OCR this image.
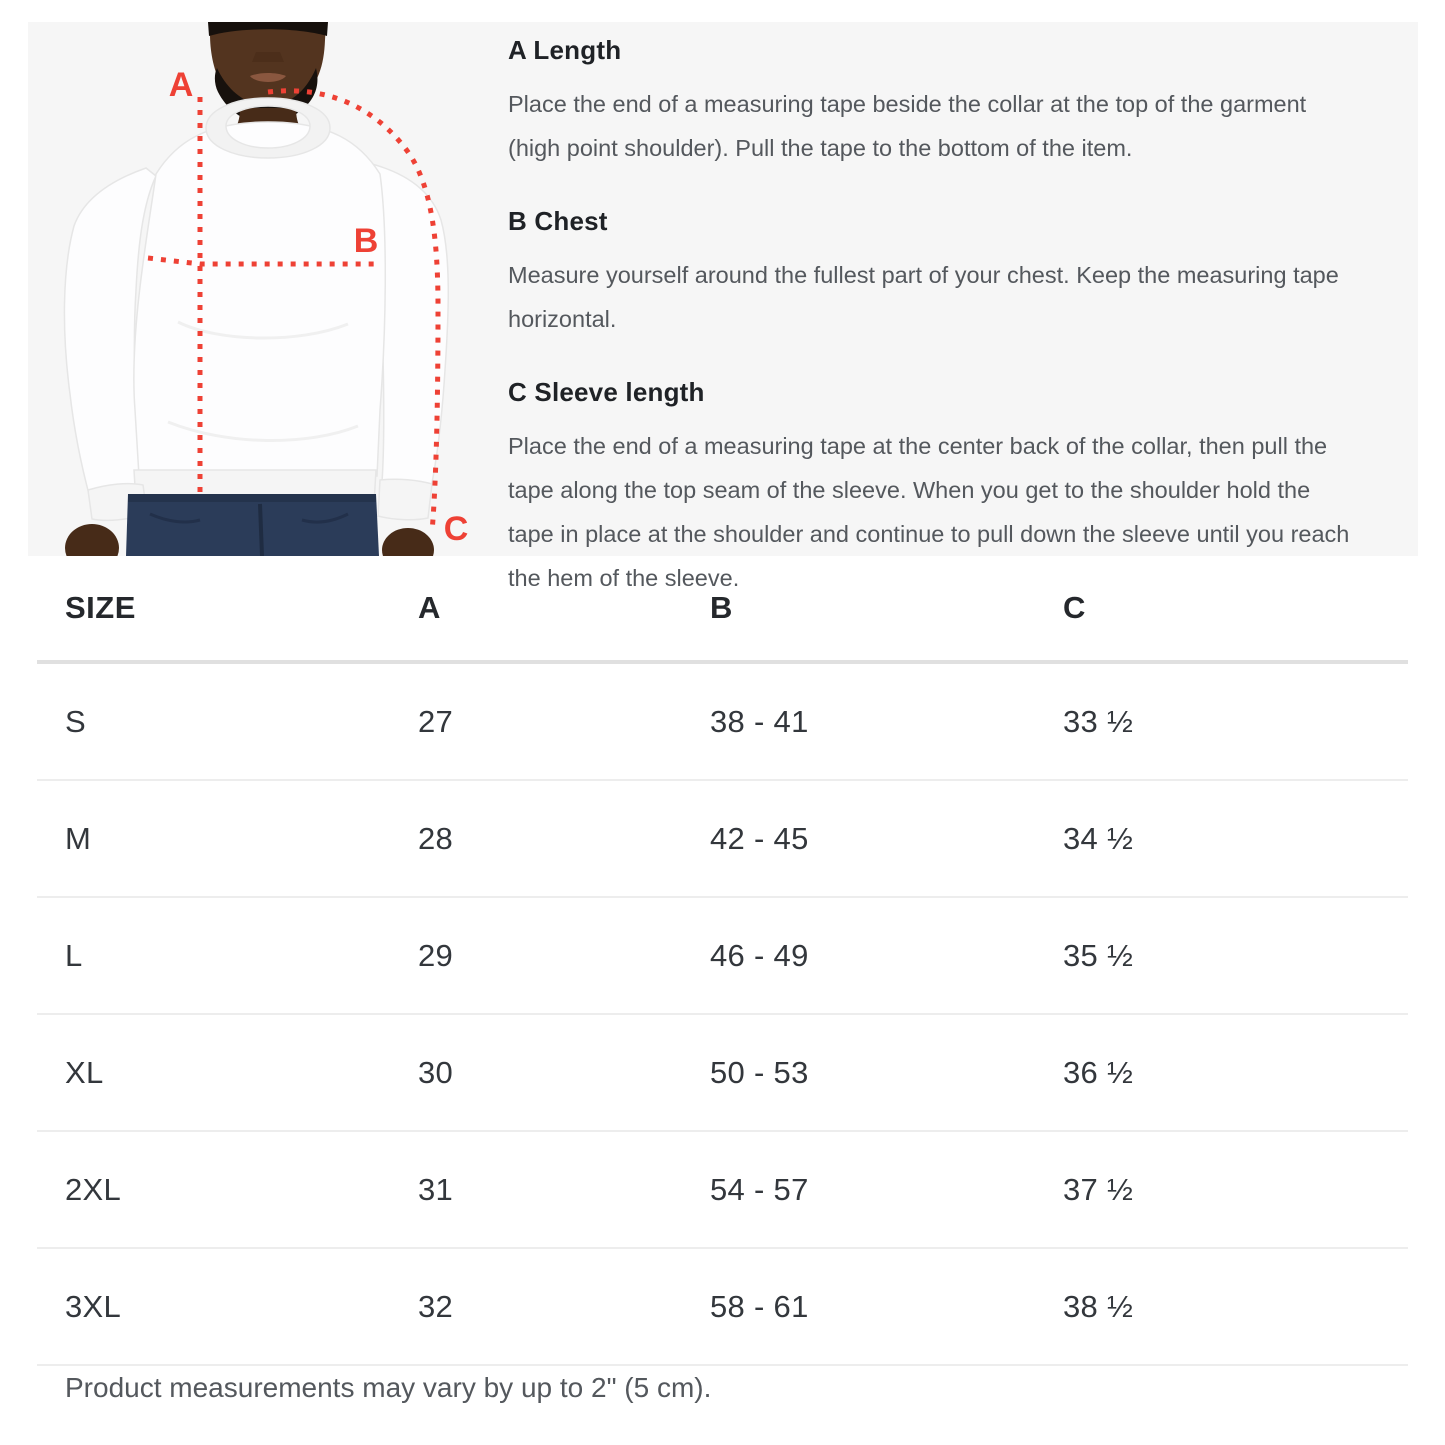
A
B
C
A Length

Place the end of a measuring tape beside the collar at the top of the garment (high point shoulder). Pull the tape to the bottom of the item.

B Chest

Measure yourself around the fullest part of your chest. Keep the measuring tape horizontal.

C Sleeve length

Place the end of a measuring tape at the center back of the collar, then pull the tape along the top seam of the sleeve. When you get to the shoulder hold the tape in place at the shoulder and continue to pull down the sleeve until you reach the hem of the sleeve.

SIZE	A	B	C
S	27	38 - 41	33 ½
M	28	42 - 45	34 ½
L	29	46 - 49	35 ½
XL	30	50 - 53	36 ½
2XL	31	54 - 57	37 ½
3XL	32	58 - 61	38 ½
Product measurements may vary by up to 2" (5 cm).
